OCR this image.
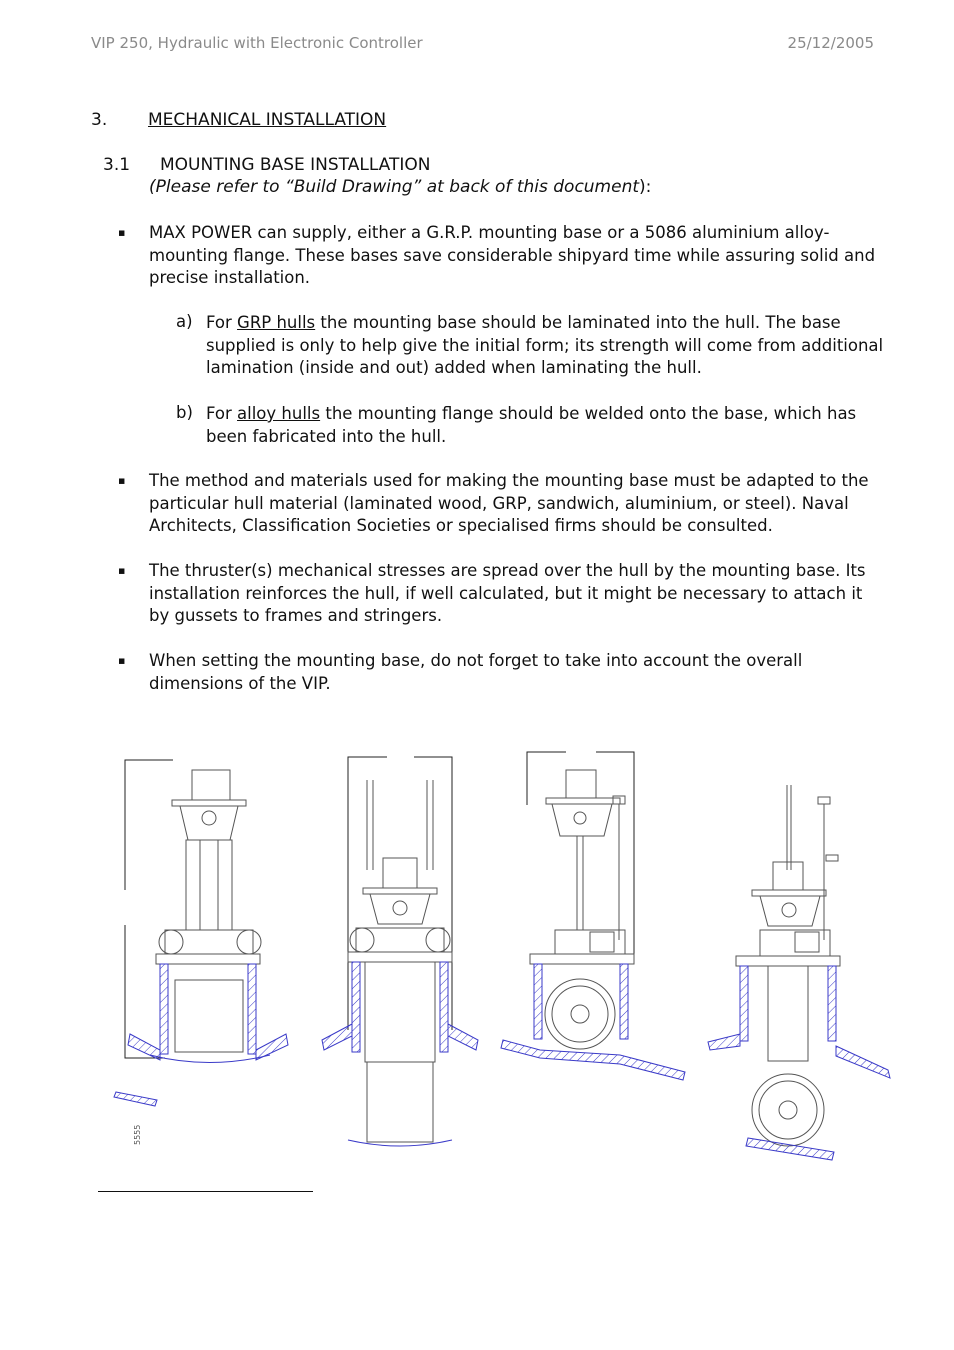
VIP 250, Hydraulic with Electronic Controller	25/12/2005
3. MECHANICAL INSTALLATION
3.1 MOUNTING BASE INSTALLATION
(Please refer to “Build Drawing” at back of this document):
▪ MAX POWER can supply, either a G.R.P. mounting base or a 5086 aluminium alloy-mounting flange. These bases save considerable shipyard time while assuring solid and precise installation.
a) For GRP hulls the mounting base should be laminated into the hull. The base supplied is only to help give the initial form; its strength will come from additional lamination (inside and out) added when laminating the hull.
b) For alloy hulls the mounting flange should be welded onto the base, which has been fabricated into the hull.
▪ The method and materials used for making the mounting base must be adapted to the particular hull material (laminated wood, GRP, sandwich, aluminium, or steel). Naval Architects, Classification Societies or specialised firms should be consulted.
▪ The thruster(s) mechanical stresses are spread over the hull by the mounting base. Its installation reinforces the hull, if well calculated, but it might be necessary to attach it by gussets to frames and stringers.
▪ When setting the mounting base, do not forget to take into account the overall dimensions of the VIP.
5555
